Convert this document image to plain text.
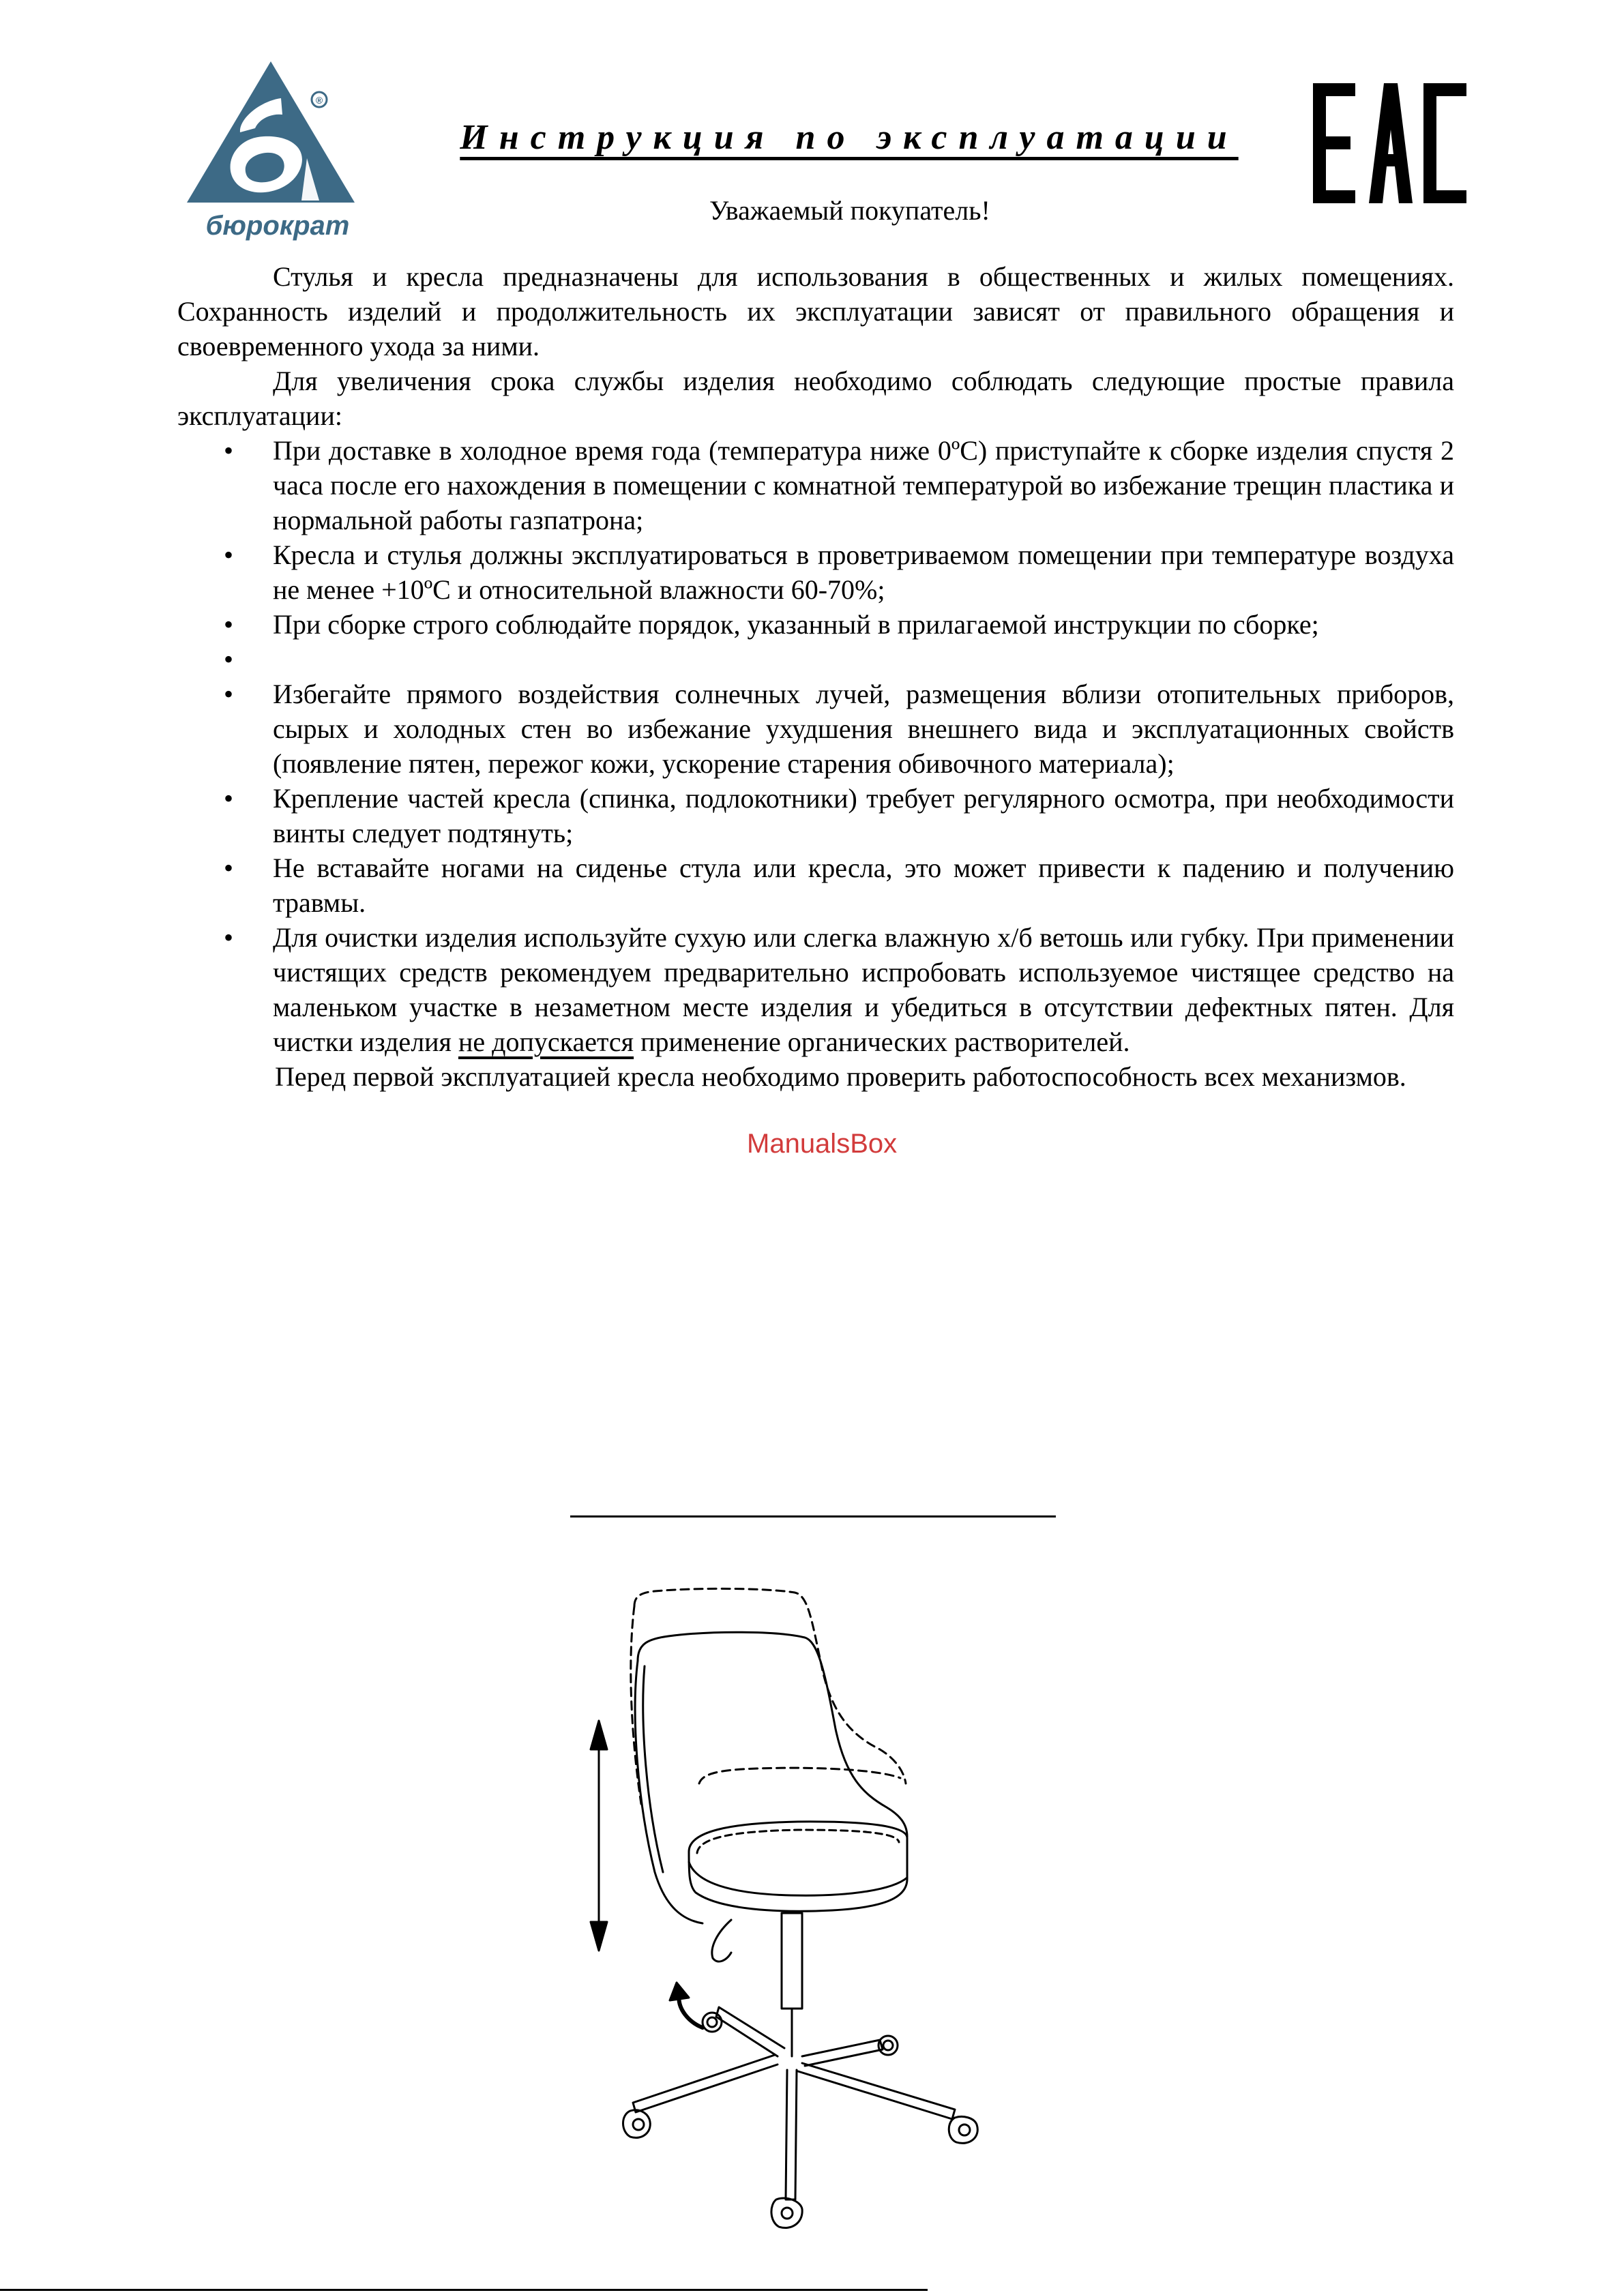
®
бюрократ
Инструкция по эксплуатации
Уважаемый покупатель!

Стулья и кресла предназначены для использования в общественных и жилых помещениях. Сохранность изделий и продолжительность их эксплуатации зависят от правильного обращения и своевременного ухода за ними.

Для увеличения срока службы изделия необходимо соблюдать следующие простые правила эксплуатации:

• При доставке в холодное время года (температура ниже 0ºС) приступайте к сборке изделия спустя 2 часа после его нахождения в помещении с комнатной температурой во избежание трещин пластика и нормальной работы газпатрона;
• Кресла и стулья должны эксплуатироваться в проветриваемом помещении при температуре воздуха не менее +10ºС и относительной влажности 60-70%;
• При сборке строго соблюдайте порядок, указанный в прилагаемой инструкции по сборке;
•
• Избегайте прямого воздействия солнечных лучей, размещения вблизи отопительных приборов, сырых и холодных стен во избежание ухудшения внешнего вида и эксплуатационных свойств (появление пятен, пережог кожи, ускорение старения обивочного материала);
• Крепление частей кресла (спинка, подлокотники) требует регулярного осмотра, при необходимости винты следует подтянуть;
• Не вставайте ногами на сиденье стула или кресла, это может привести к падению и получению травмы.
• Для очистки изделия используйте сухую или слегка влажную х/б ветошь или губку. При применении чистящих средств рекомендуем предварительно испробовать используемое чистящее средство на маленьком участке в незаметном месте изделия и убедиться в отсутствии дефектных пятен. Для чистки изделия не допускается применение органических растворителей.

Перед первой эксплуатацией кресла необходимо проверить работоспособность всех механизмов.

ManualsBox
